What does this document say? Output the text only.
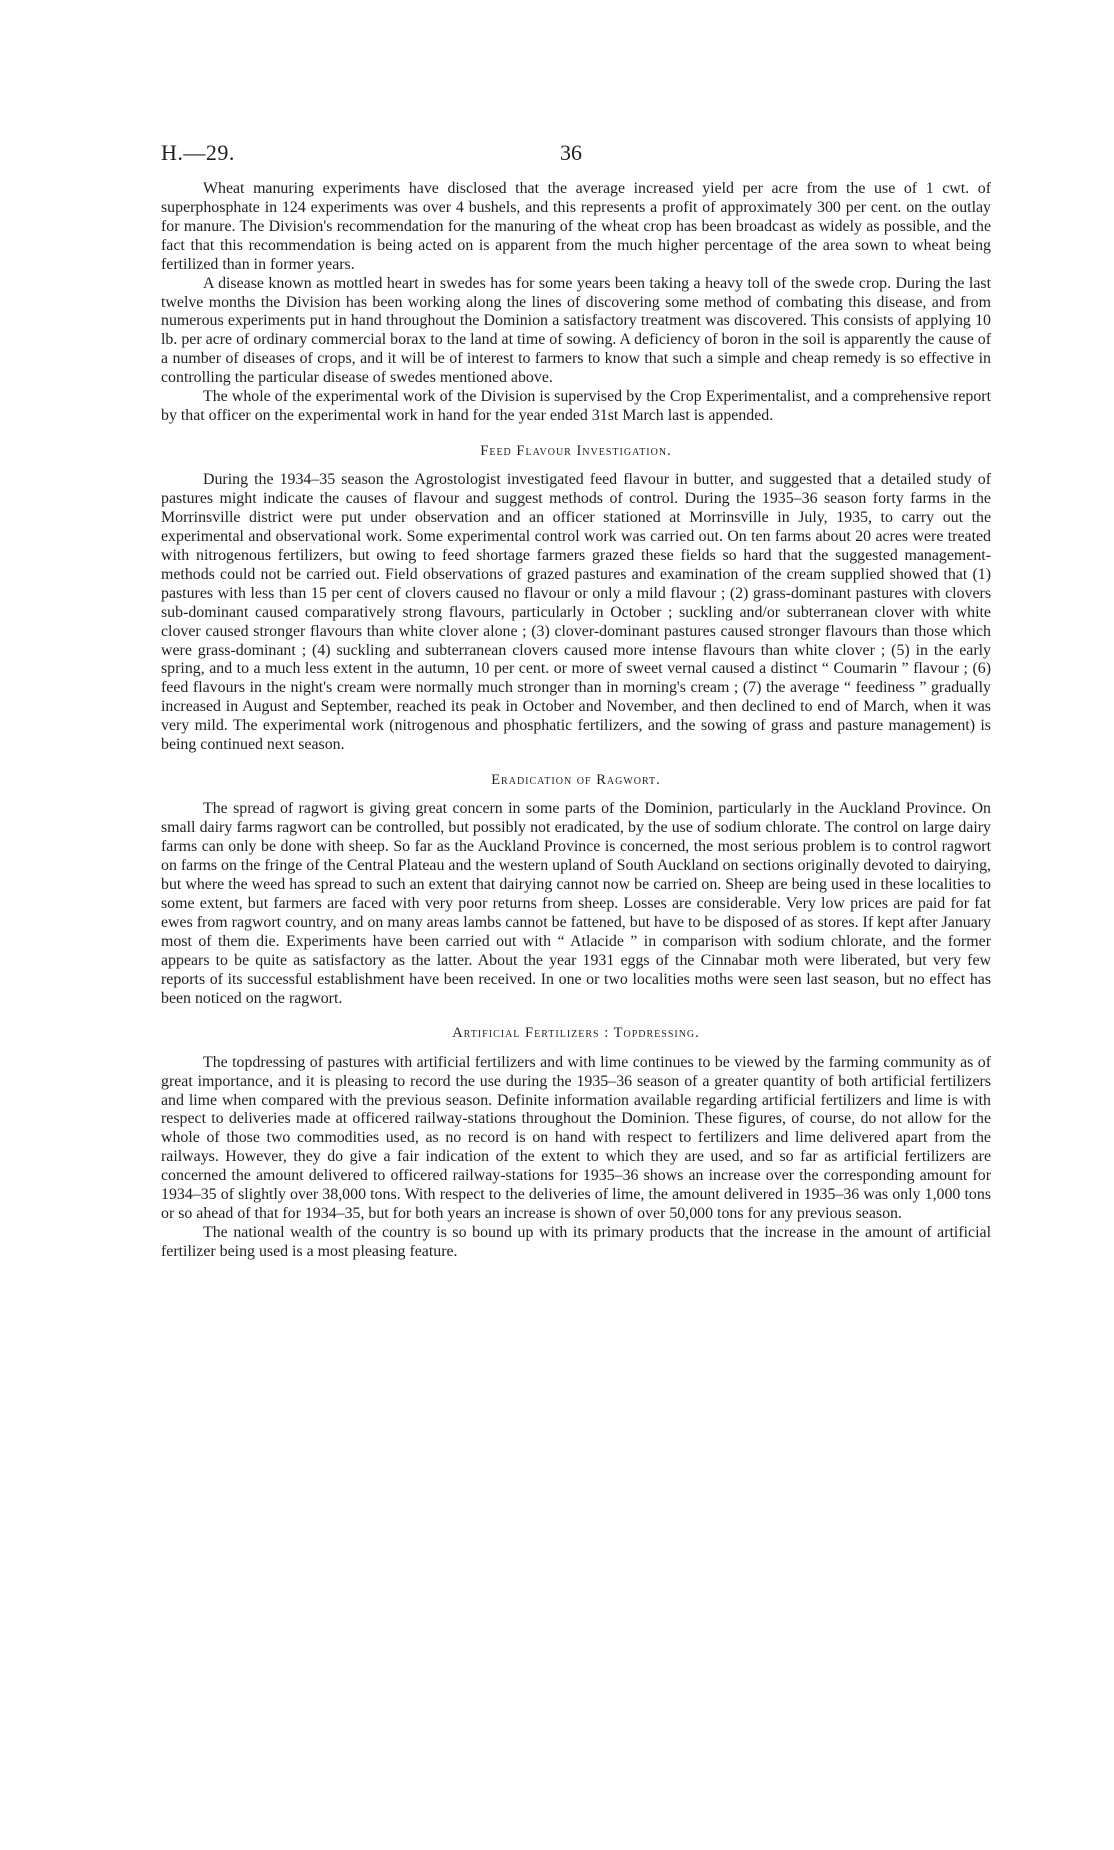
H.—29.	36

Wheat manuring experiments have disclosed that the average increased yield per acre from the use of 1 cwt. of superphosphate in 124 experiments was over 4 bushels, and this represents a profit of approximately 300 per cent. on the outlay for manure. The Division's recommendation for the manuring of the wheat crop has been broadcast as widely as possible, and the fact that this recommendation is being acted on is apparent from the much higher percentage of the area sown to wheat being fertilized than in former years.

A disease known as mottled heart in swedes has for some years been taking a heavy toll of the swede crop. During the last twelve months the Division has been working along the lines of discovering some method of combating this disease, and from numerous experiments put in hand throughout the Dominion a satisfactory treatment was discovered. This consists of applying 10 lb. per acre of ordinary commercial borax to the land at time of sowing. A deficiency of boron in the soil is apparently the cause of a number of diseases of crops, and it will be of interest to farmers to know that such a simple and cheap remedy is so effective in controlling the particular disease of swedes mentioned above.

The whole of the experimental work of the Division is supervised by the Crop Experimentalist, and a comprehensive report by that officer on the experimental work in hand for the year ended 31st March last is appended.

Feed Flavour Investigation.

During the 1934–35 season the Agrostologist investigated feed flavour in butter, and suggested that a detailed study of pastures might indicate the causes of flavour and suggest methods of control. During the 1935–36 season forty farms in the Morrinsville district were put under observation and an officer stationed at Morrinsville in July, 1935, to carry out the experimental and observational work. Some experimental control work was carried out. On ten farms about 20 acres were treated with nitrogenous fertilizers, but owing to feed shortage farmers grazed these fields so hard that the suggested management-methods could not be carried out. Field observations of grazed pastures and examination of the cream supplied showed that (1) pastures with less than 15 per cent of clovers caused no flavour or only a mild flavour ; (2) grass-dominant pastures with clovers sub-dominant caused comparatively strong flavours, particularly in October ; suckling and/or subterranean clover with white clover caused stronger flavours than white clover alone ; (3) clover-dominant pastures caused stronger flavours than those which were grass-dominant ; (4) suckling and subterranean clovers caused more intense flavours than white clover ; (5) in the early spring, and to a much less extent in the autumn, 10 per cent. or more of sweet vernal caused a distinct “ Coumarin ” flavour ; (6) feed flavours in the night's cream were normally much stronger than in morning's cream ; (7) the average “ feediness ” gradually increased in August and September, reached its peak in October and November, and then declined to end of March, when it was very mild. The experimental work (nitrogenous and phosphatic fertilizers, and the sowing of grass and pasture management) is being continued next season.

Eradication of Ragwort.

The spread of ragwort is giving great concern in some parts of the Dominion, particularly in the Auckland Province. On small dairy farms ragwort can be controlled, but possibly not eradicated, by the use of sodium chlorate. The control on large dairy farms can only be done with sheep. So far as the Auckland Province is concerned, the most serious problem is to control ragwort on farms on the fringe of the Central Plateau and the western upland of South Auckland on sections originally devoted to dairying, but where the weed has spread to such an extent that dairying cannot now be carried on. Sheep are being used in these localities to some extent, but farmers are faced with very poor returns from sheep. Losses are considerable. Very low prices are paid for fat ewes from ragwort country, and on many areas lambs cannot be fattened, but have to be disposed of as stores. If kept after January most of them die. Experiments have been carried out with “ Atlacide ” in comparison with sodium chlorate, and the former appears to be quite as satisfactory as the latter. About the year 1931 eggs of the Cinnabar moth were liberated, but very few reports of its successful establishment have been received. In one or two localities moths were seen last season, but no effect has been noticed on the ragwort.

Artificial Fertilizers : Topdressing.

The topdressing of pastures with artificial fertilizers and with lime continues to be viewed by the farming community as of great importance, and it is pleasing to record the use during the 1935–36 season of a greater quantity of both artificial fertilizers and lime when compared with the previous season. Definite information available regarding artificial fertilizers and lime is with respect to deliveries made at officered railway-stations throughout the Dominion. These figures, of course, do not allow for the whole of those two commodities used, as no record is on hand with respect to fertilizers and lime delivered apart from the railways. However, they do give a fair indication of the extent to which they are used, and so far as artificial fertilizers are concerned the amount delivered to officered railway-stations for 1935–36 shows an increase over the corresponding amount for 1934–35 of slightly over 38,000 tons. With respect to the deliveries of lime, the amount delivered in 1935–36 was only 1,000 tons or so ahead of that for 1934–35, but for both years an increase is shown of over 50,000 tons for any previous season.

The national wealth of the country is so bound up with its primary products that the increase in the amount of artificial fertilizer being used is a most pleasing feature.
